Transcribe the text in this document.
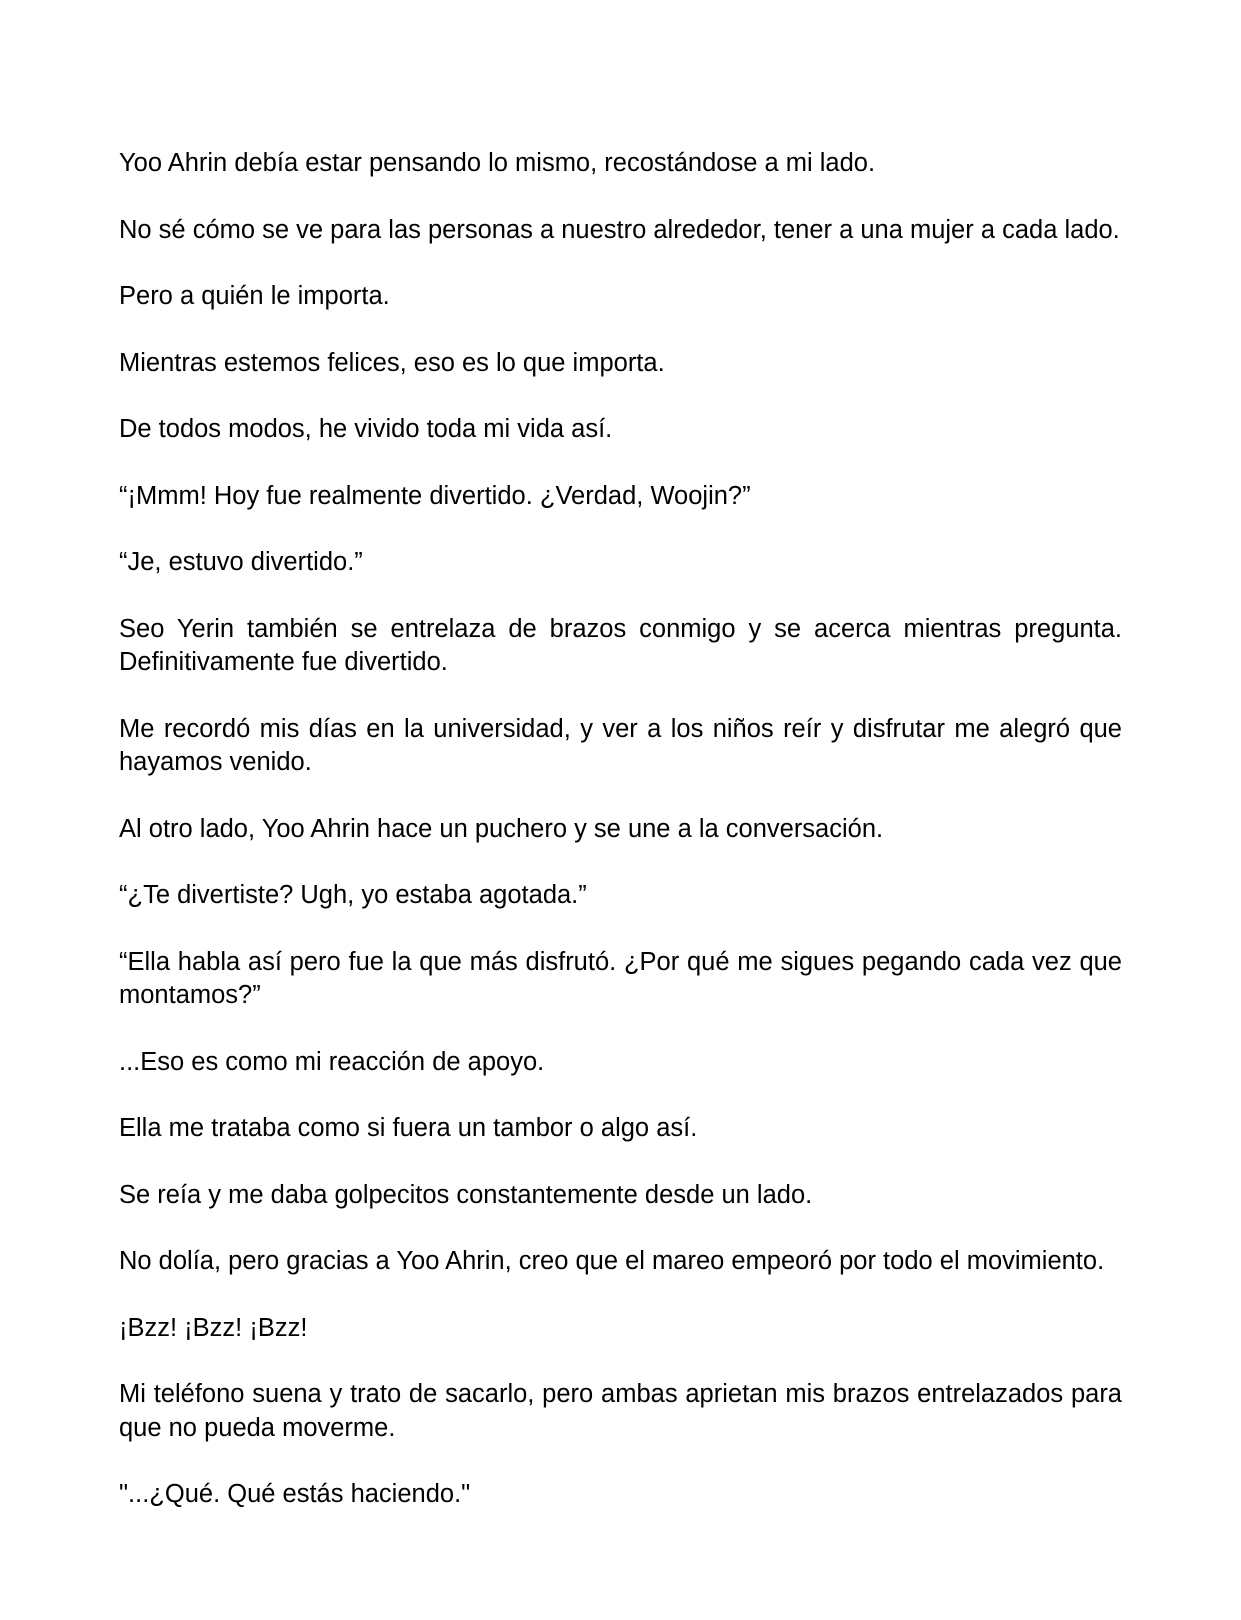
Yoo Ahrin debía estar pensando lo mismo, recostándose a mi lado.

No sé cómo se ve para las personas a nuestro alrededor, tener a una mujer a cada lado.

Pero a quién le importa.

Mientras estemos felices, eso es lo que importa.

De todos modos, he vivido toda mi vida así.

“¡Mmm! Hoy fue realmente divertido. ¿Verdad, Woojin?”

“Je, estuvo divertido.”

Seo Yerin también se entrelaza de brazos conmigo y se acerca mientras pregunta. Definitivamente fue divertido.

Me recordó mis días en la universidad, y ver a los niños reír y disfrutar me alegró que hayamos venido.

Al otro lado, Yoo Ahrin hace un puchero y se une a la conversación.

“¿Te divertiste? Ugh, yo estaba agotada.”

“Ella habla así pero fue la que más disfrutó. ¿Por qué me sigues pegando cada vez que montamos?”

...Eso es como mi reacción de apoyo.

Ella me trataba como si fuera un tambor o algo así.

Se reía y me daba golpecitos constantemente desde un lado.

No dolía, pero gracias a Yoo Ahrin, creo que el mareo empeoró por todo el movimiento.

¡Bzz! ¡Bzz! ¡Bzz!

Mi teléfono suena y trato de sacarlo, pero ambas aprietan mis brazos entrelazados para que no pueda moverme.

"...¿Qué. Qué estás haciendo."
